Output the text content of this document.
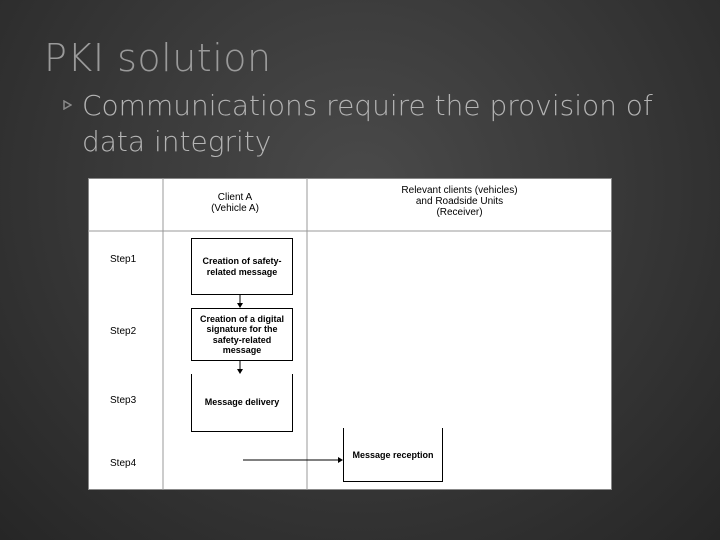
PKI solution

Communications require the provision of data integrity

Client A
(Vehicle A)
Relevant clients (vehicles)
and Roadside Units
(Receiver)
Step1
Step2
Step3
Step4
Creation of safety-related message
Creation of a digital signature for the safety-related message
Message delivery
Message reception
